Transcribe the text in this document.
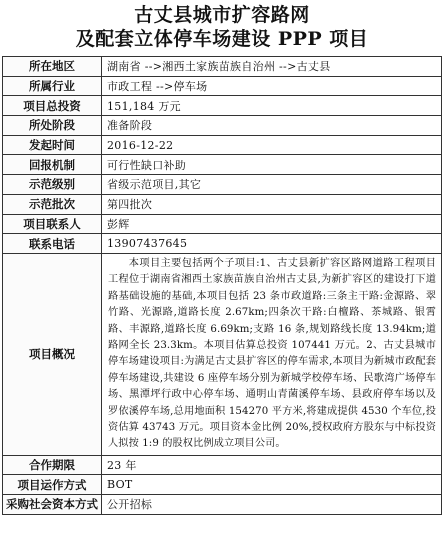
古丈县城市扩容路网
及配套立体停车场建设 PPP 项目
所在地区	湖南省 -->湘西土家族苗族自治州 -->古丈县
所属行业	市政工程 -->停车场
项目总投资	151,184 万元
所处阶段	准备阶段
发起时间	2016-12-22
回报机制	可行性缺口补助
示范级别	省级示范项目,其它
示范批次	第四批次
项目联系人	彭辉
联系电话	13907437645
项目概况	本项目主要包括两个子项目:1、古丈县新扩容区路网道路工程项目工程位于湖南省湘西土家族苗族自治州古丈县,为新扩容区的建设打下道路基础设施的基础,本项目包括 23 条市政道路:三条主干路:金源路、翠竹路、光源路,道路长度 2.67km;四条次干路:白檀路、茶城路、银霄路、丰源路,道路长度 6.69km;支路 16 条,规划路线长度 13.94km;道路网全长 23.3km。本项目估算总投资 107441 万元。2、古丈县城市停车场建设项目:为满足古丈县扩容区的停车需求,本项目为新城市政配套停车场建设,共建设 6 座停车场分别为新城学校停车场、民歌湾广场停车场、黑潭坪行政中心停车场、通明山青菌溪停车场、县政府停车场以及罗依溪停车场,总用地面积 154270 平方米,将建成提供 4530 个车位,投资估算 43743 万元。项目资本金比例 20%,授权政府方股东与中标投资人拟按 1:9 的股权比例成立项目公司。
合作期限	23 年
项目运作方式	BOT
采购社会资本方式	公开招标
